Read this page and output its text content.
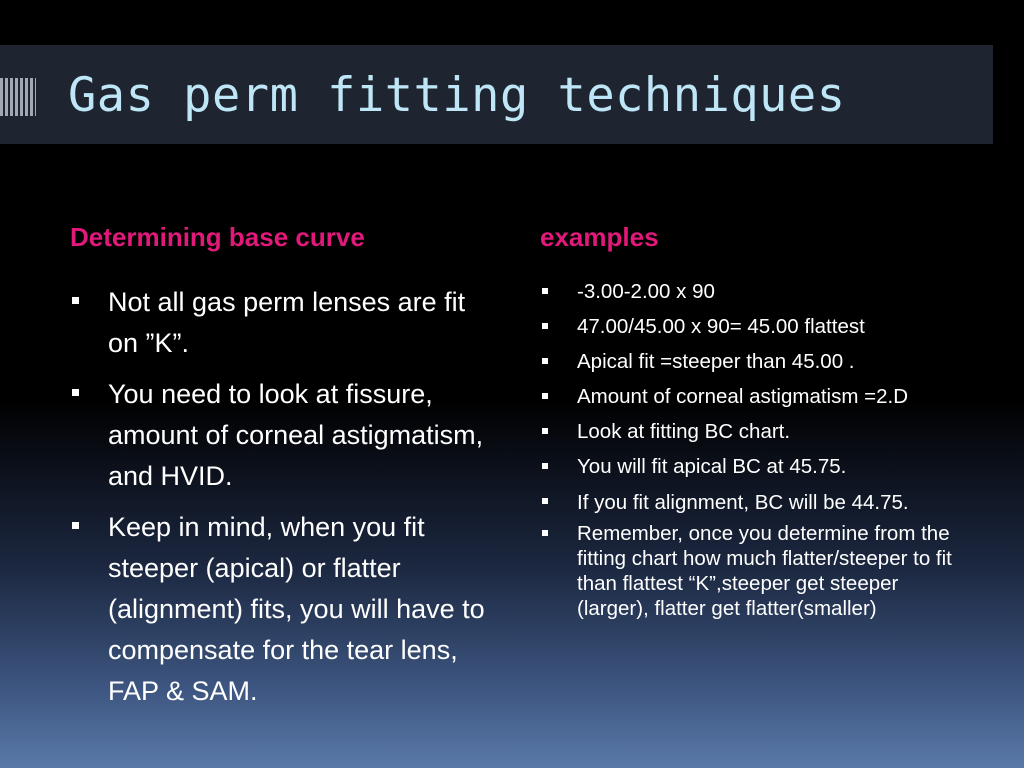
Gas perm fitting techniques
Determining base curve	examples
Not all gas perm lenses are fit on ”K”.
You need to look at fissure, amount of corneal astigmatism, and HVID.
Keep in mind, when you fit steeper (apical) or flatter (alignment) fits, you will have to compensate for the tear lens, FAP & SAM.
-3.00-2.00 x 90
47.00/45.00 x 90= 45.00 flattest
Apical fit =steeper than 45.00 .
Amount of corneal astigmatism =2.D
Look at fitting BC chart.
You will fit apical BC at 45.75.
If you fit alignment, BC will be 44.75.
Remember, once you determine from the fitting chart how much flatter/steeper to fit than flattest “K”,steeper get steeper (larger), flatter get flatter(smaller)
